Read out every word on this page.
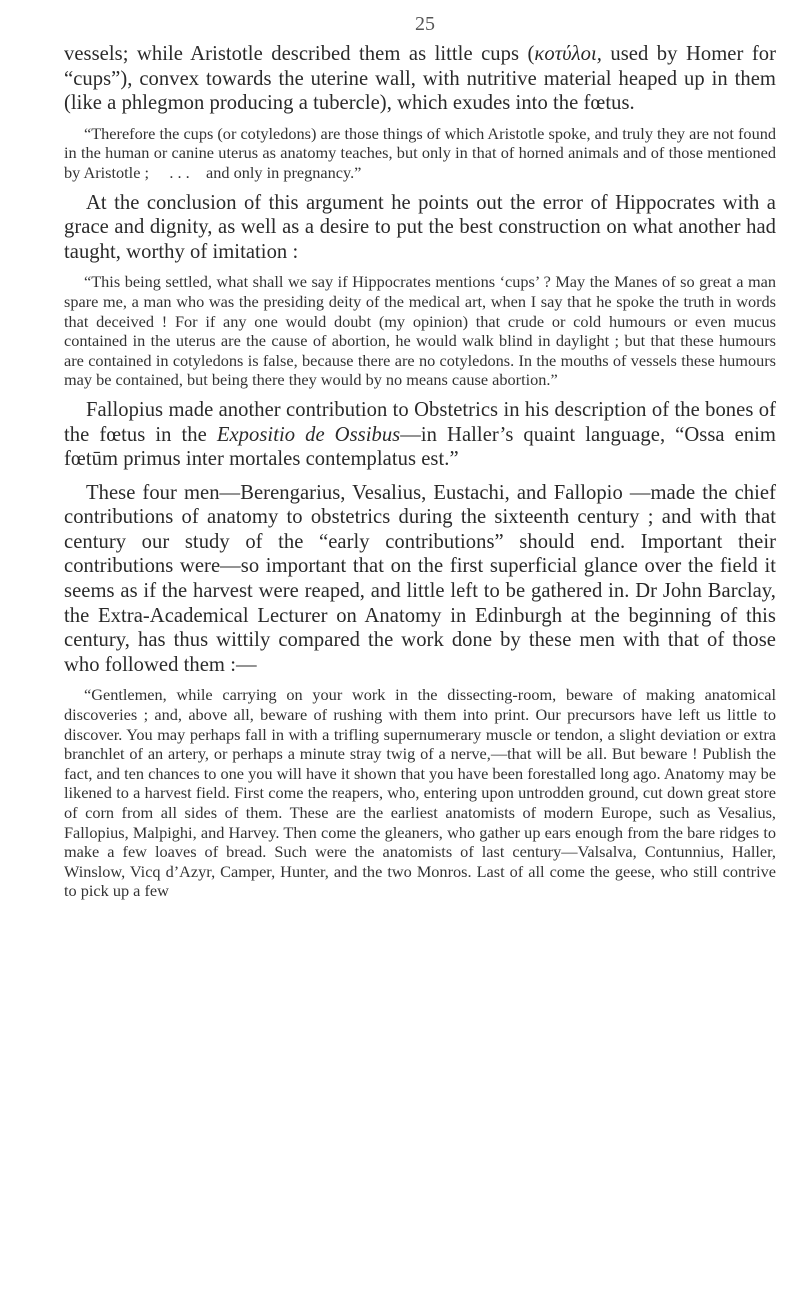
25

vessels; while Aristotle described them as little cups (κοτύλοι, used by Homer for “cups”), convex towards the uterine wall, with nutritive material heaped up in them (like a phlegmon producing a tubercle), which exudes into the fœtus.

“Therefore the cups (or cotyledons) are those things of which Aristotle spoke, and truly they are not found in the human or canine uterus as anatomy teaches, but only in that of horned animals and of those mentioned by Aristotle ;  . . . and only in pregnancy.”

At the conclusion of this argument he points out the error of Hippocrates with a grace and dignity, as well as a desire to put the best construction on what another had taught, worthy of imitation :

“This being settled, what shall we say if Hippocrates mentions ‘cups’ ? May the Manes of so great a man spare me, a man who was the presiding deity of the medical art, when I say that he spoke the truth in words that deceived ! For if any one would doubt (my opinion) that crude or cold humours or even mucus contained in the uterus are the cause of abortion, he would walk blind in daylight ; but that these humours are contained in cotyledons is false, because there are no cotyledons. In the mouths of vessels these humours may be contained, but being there they would by no means cause abortion.”

Fallopius made another contribution to Obstetrics in his description of the bones of the fœtus in the Expositio de Ossibus—in Haller’s quaint language, “Ossa enim fœtūm primus inter mortales contemplatus est.”

These four men—Berengarius, Vesalius, Eustachi, and Fallopio —made the chief contributions of anatomy to obstetrics during the sixteenth century ; and with that century our study of the “early contributions” should end. Important their contributions were—so important that on the first superficial glance over the field it seems as if the harvest were reaped, and little left to be gathered in. Dr John Barclay, the Extra-Academical Lecturer on Anatomy in Edinburgh at the beginning of this century, has thus wittily compared the work done by these men with that of those who followed them :—

“Gentlemen, while carrying on your work in the dissecting-room, beware of making anatomical discoveries ; and, above all, beware of rushing with them into print. Our precursors have left us little to discover. You may perhaps fall in with a trifling supernumerary muscle or tendon, a slight deviation or extra branchlet of an artery, or perhaps a minute stray twig of a nerve,—that will be all. But beware ! Publish the fact, and ten chances to one you will have it shown that you have been forestalled long ago. Anatomy may be likened to a harvest field. First come the reapers, who, entering upon untrodden ground, cut down great store of corn from all sides of them. These are the earliest anatomists of modern Europe, such as Vesalius, Fallopius, Malpighi, and Harvey. Then come the gleaners, who gather up ears enough from the bare ridges to make a few loaves of bread. Such were the anatomists of last century—Valsalva, Contunnius, Haller, Winslow, Vicq d’Azyr, Camper, Hunter, and the two Monros. Last of all come the geese, who still contrive to pick up a few
